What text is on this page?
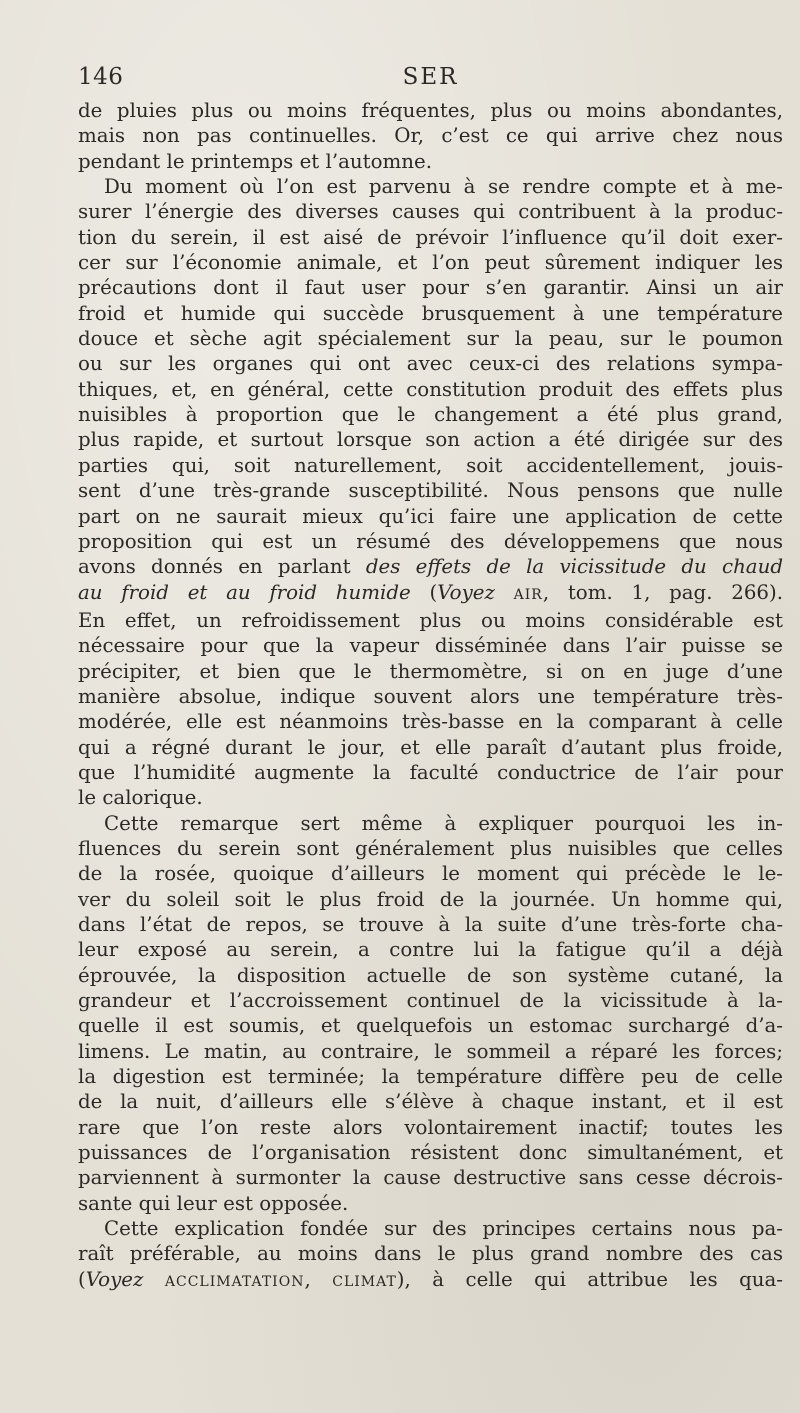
146	SER
de pluies plus ou moins fréquentes, plus ou moins abondantes,
mais non pas continuelles. Or, c’est ce qui arrive chez nous
pendant le printemps et l’automne.
Du moment où l’on est parvenu à se rendre compte et à me-
surer l’énergie des diverses causes qui contribuent à la produc-
tion du serein, il est aisé de prévoir l’influence qu’il doit exer-
cer sur l’économie animale, et l’on peut sûrement indiquer les
précautions dont il faut user pour s’en garantir. Ainsi un air
froid et humide qui succède brusquement à une température
douce et sèche agit spécialement sur la peau, sur le poumon
ou sur les organes qui ont avec ceux-ci des relations sympa-
thiques, et, en général, cette constitution produit des effets plus
nuisibles à proportion que le changement a été plus grand,
plus rapide, et surtout lorsque son action a été dirigée sur des
parties qui, soit naturellement, soit accidentellement, jouis-
sent d’une très-grande susceptibilité. Nous pensons que nulle
part on ne saurait mieux qu’ici faire une application de cette
proposition qui est un résumé des développemens que nous
avons donnés en parlant des effets de la vicissitude du chaud
au froid et au froid humide (Voyez AIR, tom. 1, pag. 266).
En effet, un refroidissement plus ou moins considérable est
nécessaire pour que la vapeur disséminée dans l’air puisse se
précipiter, et bien que le thermomètre, si on en juge d’une
manière absolue, indique souvent alors une température très-
modérée, elle est néanmoins très-basse en la comparant à celle
qui a régné durant le jour, et elle paraît d’autant plus froide,
que l’humidité augmente la faculté conductrice de l’air pour
le calorique.
Cette remarque sert même à expliquer pourquoi les in-
fluences du serein sont généralement plus nuisibles que celles
de la rosée, quoique d’ailleurs le moment qui précède le le-
ver du soleil soit le plus froid de la journée. Un homme qui,
dans l’état de repos, se trouve à la suite d’une très-forte cha-
leur exposé au serein, a contre lui la fatigue qu’il a déjà
éprouvée, la disposition actuelle de son système cutané, la
grandeur et l’accroissement continuel de la vicissitude à la-
quelle il est soumis, et quelquefois un estomac surchargé d’a-
limens. Le matin, au contraire, le sommeil a réparé les forces;
la digestion est terminée; la température diffère peu de celle
de la nuit, d’ailleurs elle s’élève à chaque instant, et il est
rare que l’on reste alors volontairement inactif; toutes les
puissances de l’organisation résistent donc simultanément, et
parviennent à surmonter la cause destructive sans cesse décrois-
sante qui leur est opposée.
Cette explication fondée sur des principes certains nous pa-
raît préférable, au moins dans le plus grand nombre des cas
(Voyez ACCLIMATATION, CLIMAT), à celle qui attribue les qua-
